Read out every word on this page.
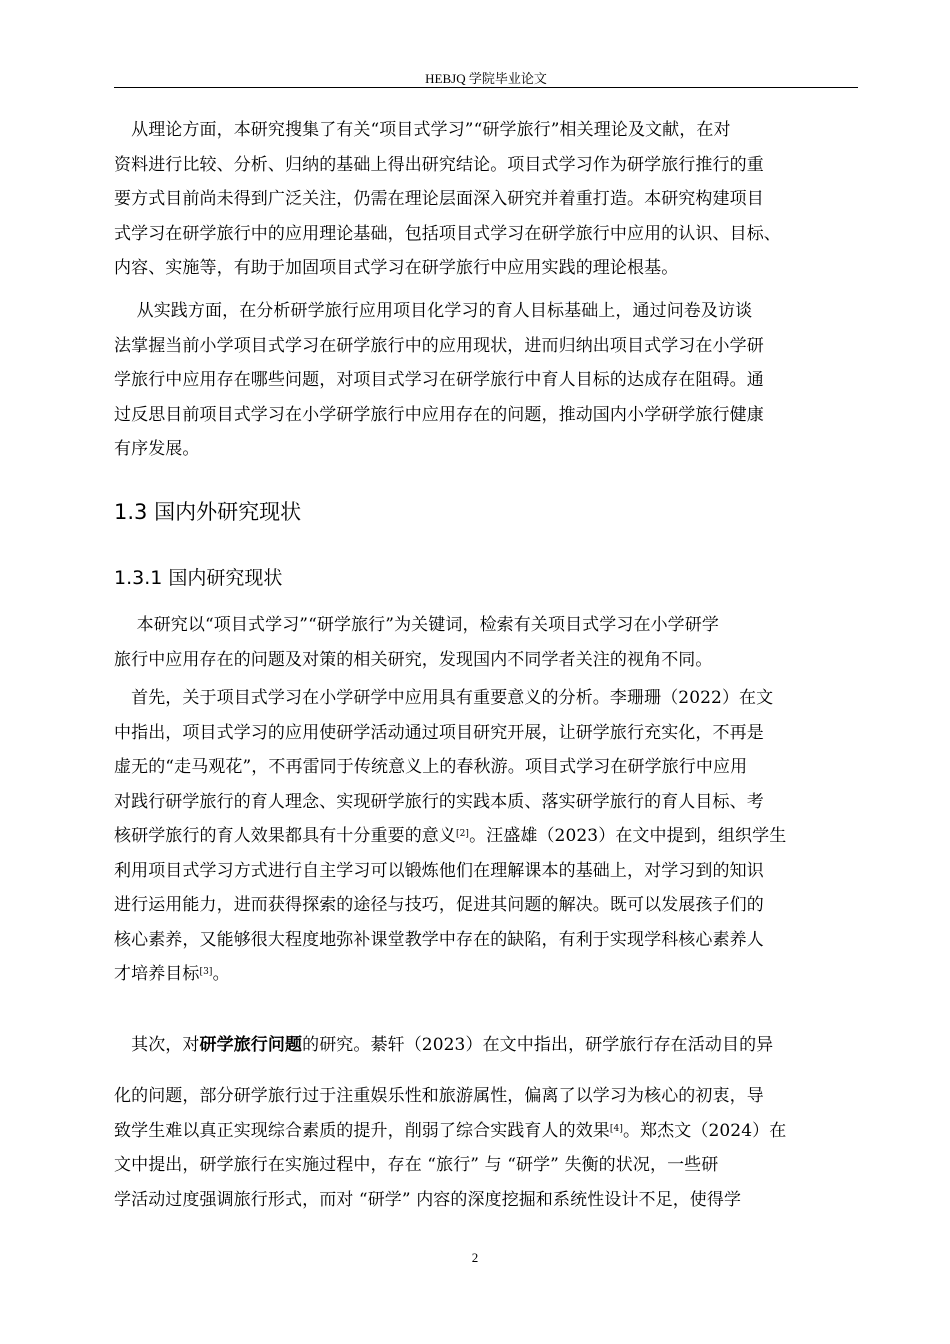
HEBJQ 学院毕业论文

　从理论方面，本研究搜集了有关“项目式学习”“研学旅行”相关理论及文献，在对

资料进行比较、分析、归纳的基础上得出研究结论。项目式学习作为研学旅行推行的重

要方式目前尚未得到广泛关注，仍需在理论层面深入研究并着重打造。本研究构建项目

式学习在研学旅行中的应用理论基础，包括项目式学习在研学旅行中应用的认识、目标、

内容、实施等，有助于加固项目式学习在研学旅行中应用实践的理论根基。

　 从实践方面，在分析研学旅行应用项目化学习的育人目标基础上，通过问卷及访谈

法掌握当前小学项目式学习在研学旅行中的应用现状，进而归纳出项目式学习在小学研

学旅行中应用存在哪些问题，对项目式学习在研学旅行中育人目标的达成存在阻碍。通

过反思目前项目式学习在小学研学旅行中应用存在的问题，推动国内小学研学旅行健康

有序发展。

1.3 国内外研究现状

1.3.1 国内研究现状

　 本研究以“项目式学习”“研学旅行”为关键词，检索有关项目式学习在小学研学

旅行中应用存在的问题及对策的相关研究，发现国内不同学者关注的视角不同。

　首先，关于项目式学习在小学研学中应用具有重要意义的分析。李珊珊（2022）在文

中指出，项目式学习的应用使研学活动通过项目研究开展，让研学旅行充实化，不再是

虚无的“走马观花”，不再雷同于传统意义上的春秋游。项目式学习在研学旅行中应用

对践行研学旅行的育人理念、实现研学旅行的实践本质、落实研学旅行的育人目标、考

核研学旅行的育人效果都具有十分重要的意义[2]。汪盛雄（2023）在文中提到，组织学生

利用项目式学习方式进行自主学习可以锻炼他们在理解课本的基础上，对学习到的知识

进行运用能力，进而获得探索的途径与技巧，促进其问题的解决。既可以发展孩子们的

核心素养，又能够很大程度地弥补课堂教学中存在的缺陷，有利于实现学科核心素养人

才培养目标[3]。

　其次，对研学旅行问题的研究。綦轩（2023）在文中指出，研学旅行存在活动目的异

化的问题，部分研学旅行过于注重娱乐性和旅游属性，偏离了以学习为核心的初衷，导

致学生难以真正实现综合素质的提升，削弱了综合实践育人的效果[4]。郑杰文（2024）在

文中提出，研学旅行在实施过程中，存在 “旅行” 与 “研学” 失衡的状况，一些研

学活动过度强调旅行形式，而对 “研学” 内容的深度挖掘和系统性设计不足，使得学

2
